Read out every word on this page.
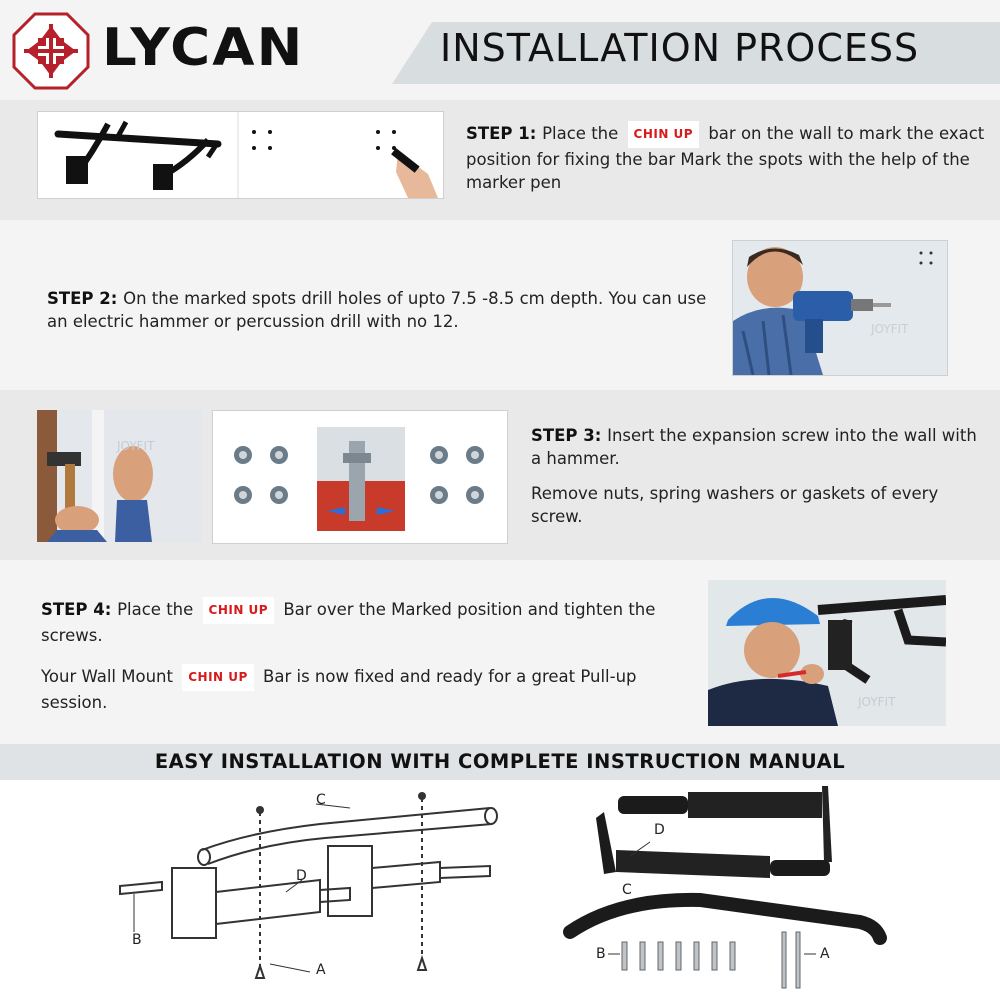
LYCAN	INSTALLATION PROCESS
STEP 1: Place the CHIN UP bar on the wall to mark the exact position for fixing the bar Mark the spots with the help of the marker pen
STEP 2: On the marked spots drill holes of upto 7.5 -8.5 cm depth. You can use an electric hammer or percussion drill with no 12.	JOYFIT
JOYFIT
STEP 3: Insert the expansion screw into the wall with a hammer.
Remove nuts, spring washers or gaskets of every screw.
STEP 4: Place the CHIN UP Bar over the Marked position and tighten the screws.
Your Wall Mount CHIN UP Bar is now fixed and ready for a great Pull-up session.	JOYFIT
EASY INSTALLATION WITH COMPLETE INSTRUCTION MANUAL
B
A
D
C
D
C
B	A
